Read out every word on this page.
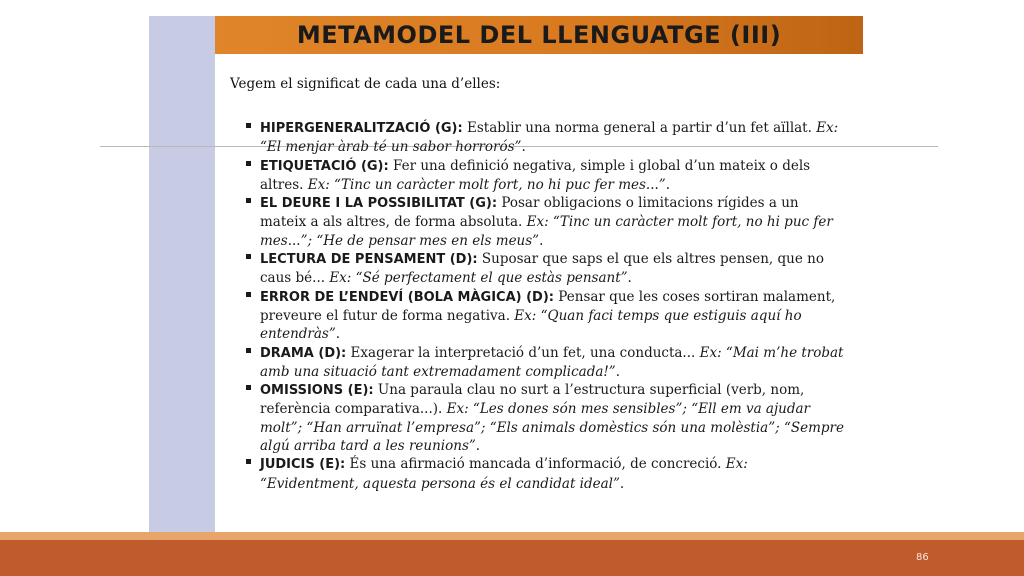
METAMODEL DEL LLENGUATGE (III)
Vegem el significat de cada una d’elles:
HIPERGENERALITZACIÓ (G): Establir una norma general a partir d’un fet aïllat. Ex: “El menjar àrab té un sabor horrorós”.
ETIQUETACIÓ (G): Fer una definició negativa, simple i global d’un mateix o dels altres. Ex: “Tinc un caràcter molt fort, no hi puc fer mes...”.
EL DEURE I LA POSSIBILITAT (G): Posar obligacions o limitacions rígides a un mateix a als altres, de forma absoluta. Ex: “Tinc un caràcter molt fort, no hi puc fer mes...”; “He de pensar mes en els meus”.
LECTURA DE PENSAMENT (D): Suposar que saps el que els altres pensen, que no caus bé... Ex: “Sé perfectament el que estàs pensant”.
ERROR DE L’ENDEVÍ (BOLA MÀGICA) (D): Pensar que les coses sortiran malament, preveure el futur de forma negativa. Ex: “Quan faci temps que estiguis aquí ho entendràs”.
DRAMA (D): Exagerar la interpretació d’un fet, una conducta... Ex: “Mai m’he trobat amb una situació tant extremadament complicada!”.
OMISSIONS (E): Una paraula clau no surt a l’estructura superficial (verb, nom, referència comparativa...). Ex: “Les dones són mes sensibles”; “Ell em va ajudar molt”; “Han arruïnat l’empresa”; “Els animals domèstics són una molèstia”; “Sempre algú arriba tard a les reunions”.
JUDICIS (E): És una afirmació mancada d’informació, de concreció. Ex: “Evidentment, aquesta persona és el candidat ideal”.
86
